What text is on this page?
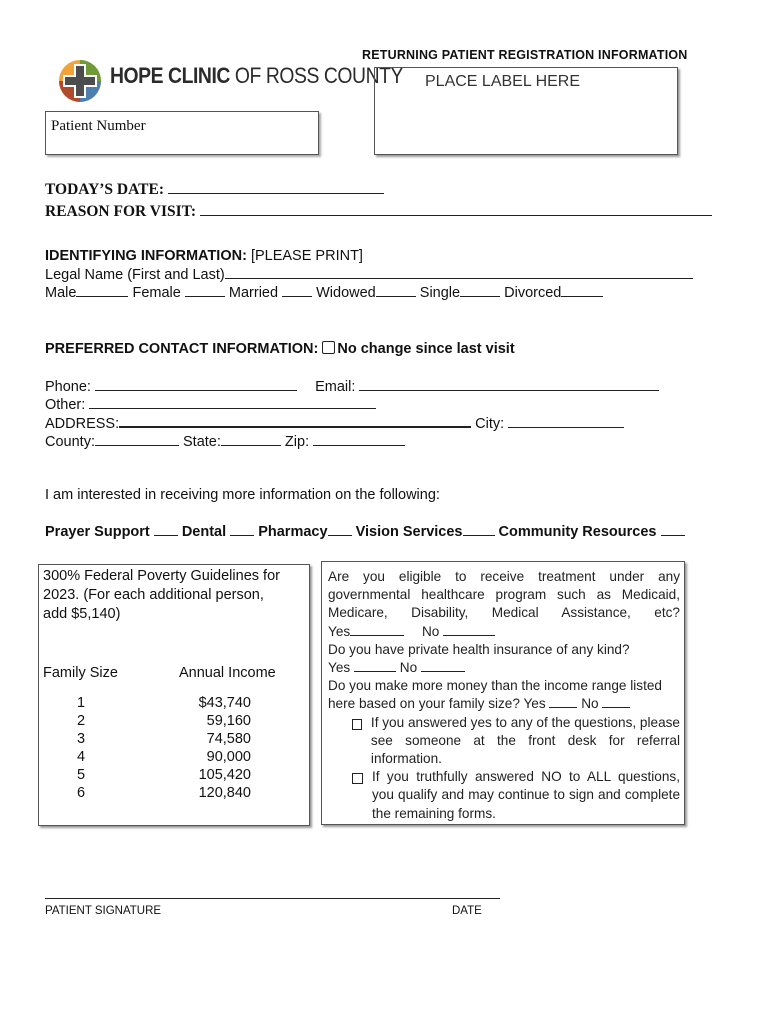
RETURNING PATIENT REGISTRATION INFORMATION
HOPE CLINIC OF ROSS COUNTY PLACE LABEL HERE
Patient Number
TODAY’S DATE:
REASON FOR VISIT:
IDENTIFYING INFORMATION: [PLEASE PRINT]
Legal Name (First and Last)
Male	Female	Married  Widowed	Single	Divorced
PREFERRED CONTACT INFORMATION: No change since last visit
Phone:	Email:
Other:
ADDRESS:	City:
County:	State:	Zip:
I am interested in receiving more information on the following:
Prayer Support Dental Pharmacy Vision Services Community Resources
300% Federal Poverty Guidelines for
2023. (For each additional person,
add $5,140)
Family Size	Annual Income
1	$43,740
2	59,160
3	74,580
4	90,000
5	105,420
6	120,840
Are you eligible to receive treatment under any
governmental healthcare program such as Medicaid,
Medicare, Disability, Medical Assistance, etc?
Yes	No
Do you have private health insurance of any kind?
Yes	No
Do you make more money than the income range listed
here based on your family size? Yes  No
If you answered yes to any of the questions, please
see someone at the front desk for referral
information.
If you truthfully answered NO to ALL questions,
you qualify and may continue to sign and complete
the remaining forms.
PATIENT SIGNATURE	DATE
